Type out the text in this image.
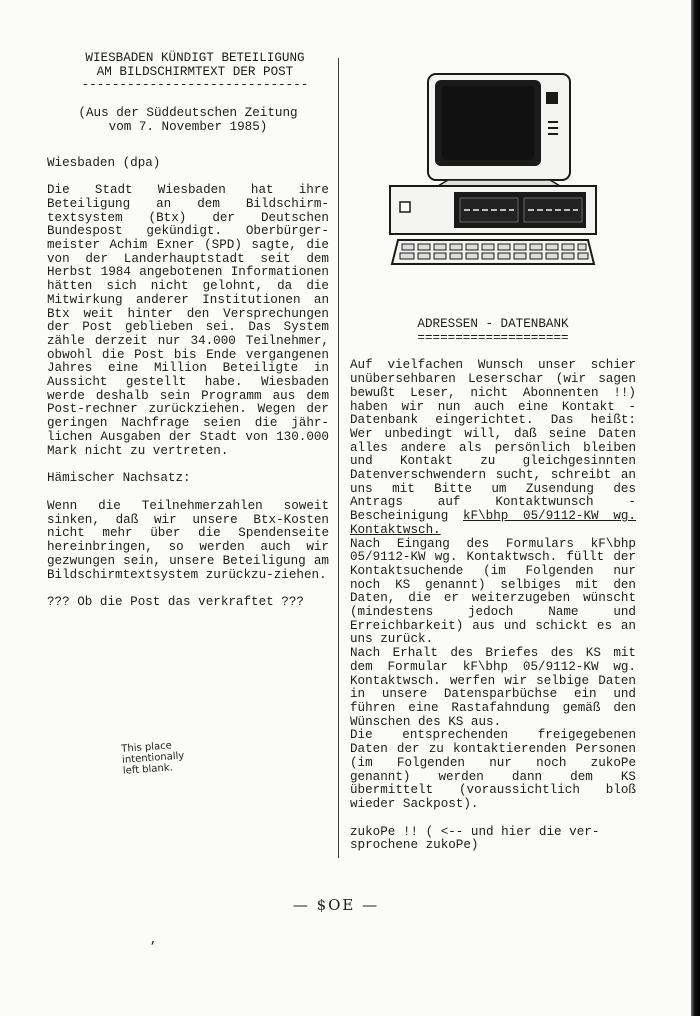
WIESBADEN KÜNDIGT BETEILIGUNG

AM BILDSCHIRMTEXT DER POST

------------------------------

(Aus der Süddeutschen Zeitung

vom 7. November 1985)

Wiesbaden (dpa)

Die Stadt Wiesbaden hat ihre Beteiligung an dem Bildschirm-textsystem (Btx) der Deutschen Bundespost gekündigt. Oberbürger-meister Achim Exner (SPD) sagte, die von der Landerhauptstadt seit dem Herbst 1984 angebotenen Informationen hätten sich nicht gelohnt, da die Mitwirkung anderer Institutionen an Btx weit hinter den Versprechungen der Post geblieben sei. Das System zähle derzeit nur 34.000 Teilnehmer, obwohl die Post bis Ende vergangenen Jahres eine Million Beteiligte in Aussicht gestellt habe. Wiesbaden werde deshalb sein Programm aus dem Post-rechner zurückziehen. Wegen der geringen Nachfrage seien die jähr-lichen Ausgaben der Stadt von 130.000 Mark nicht zu vertreten.

Hämischer Nachsatz:

Wenn die Teilnehmerzahlen soweit sinken, daß wir unsere Btx-Kosten nicht mehr über die Spendenseite hereinbringen, so werden auch wir gezwungen sein, unsere Beteiligung am Bildschirmtextsystem zurückzu-ziehen.

??? Ob die Post das verkraftet ???

ADRESSEN - DATENBANK

====================

Auf vielfachen Wunsch unser schier unübersehbaren Leserschar (wir sagen bewußt Leser, nicht Abonnenten !!) haben wir nun auch eine Kontakt - Datenbank eingerichtet. Das heißt: Wer unbedingt will, daß seine Daten alles andere als persönlich bleiben und Kontakt zu gleichgesinnten Datenverschwendern sucht, schreibt an uns mit Bitte um Zusendung des Antrags auf Kontaktwunsch - Bescheinigung kF\bhp 05/9112-KW wg. Kontaktwsch.

Nach Eingang des Formulars kF\bhp 05/9112-KW wg. Kontaktwsch. füllt der Kontaktsuchende (im Folgenden nur noch KS genannt) selbiges mit den Daten, die er weiterzugeben wünscht (mindestens jedoch Name und Erreichbarkeit) aus und schickt es an uns zurück.

Nach Erhalt des Briefes des KS mit dem Formular kF\bhp 05/9112-KW wg. Kontaktwsch. werfen wir selbige Daten in unsere Datensparbüchse ein und führen eine Rastafahndung gemäß den Wünschen des KS aus.

Die entsprechenden freigegebenen Daten der zu kontaktierenden Personen (im Folgenden nur noch zukoPe genannt) werden dann dem KS übermittelt (voraussichtlich bloß wieder Sackpost).

zukoPe !! ( <-- und hier die ver-sprochene zukoPe)

This place
intentionally
left blank.
— $OE —
,
